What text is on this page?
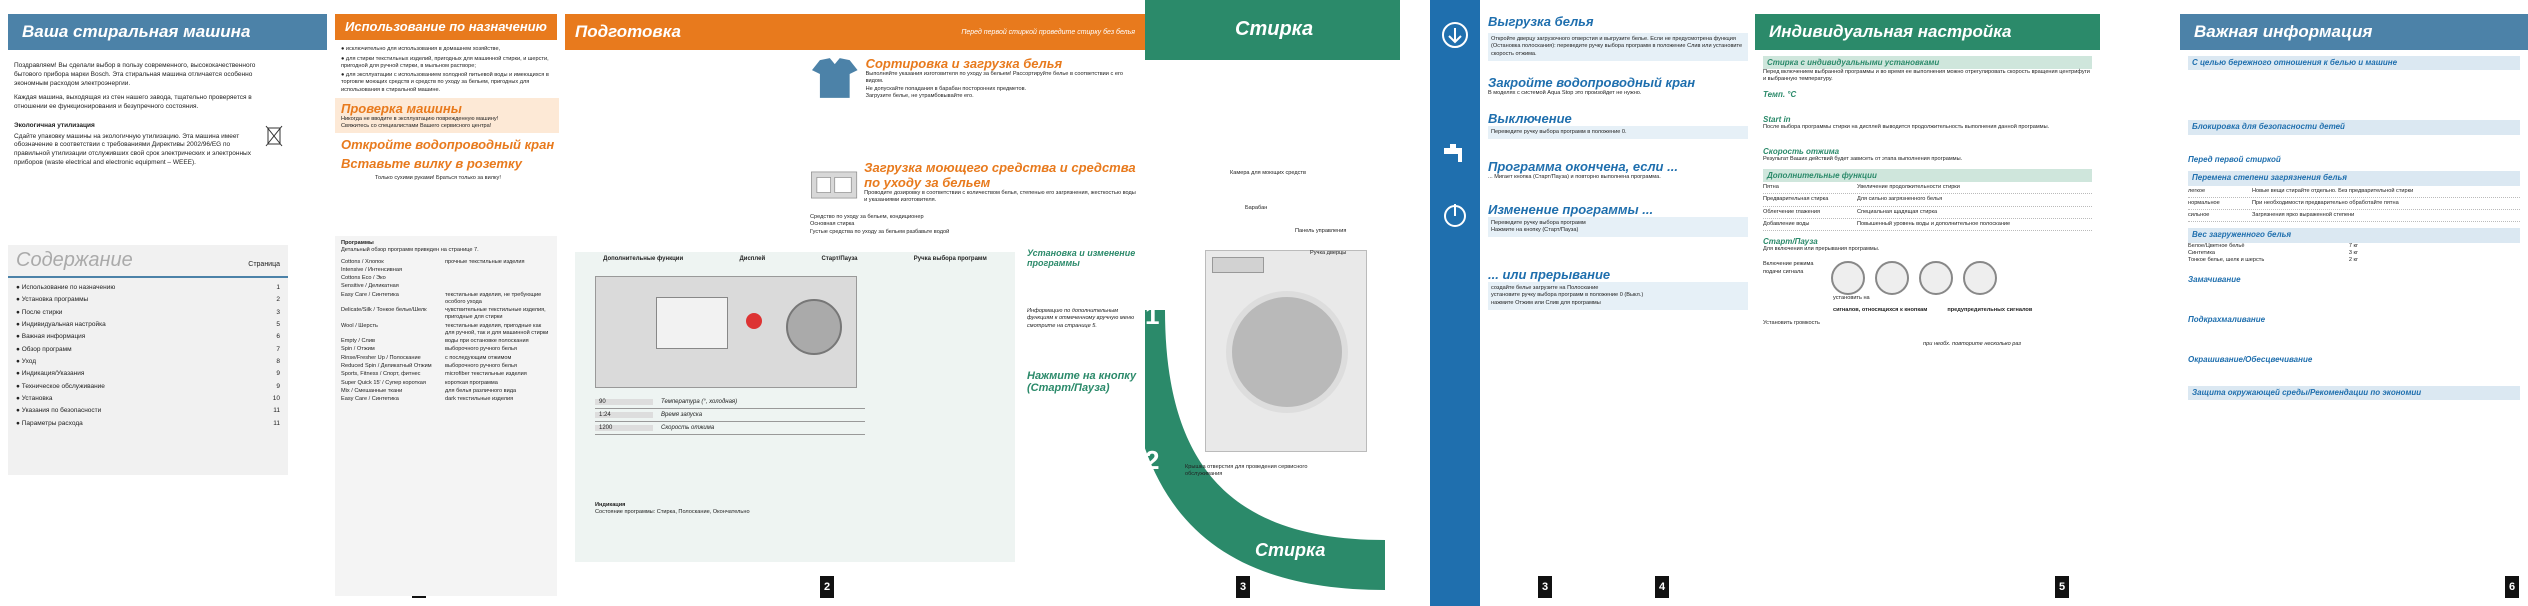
Ваша стиральная машина

Поздравляем! Вы сделали выбор в пользу современного, высококачественного бытового прибора марки Bosch. Эта стиральная машина отличается особенно экономным расходом электроэнергии.

Каждая машина, выходящая из стен нашего завода, тщательно проверяется в отношении ее функционирования и безупречного состояния.

Экологичная утилизация

Сдайте упаковку машины на экологичную утилизацию. Эта машина имеет обозначение в соответствии с требованиями Директивы 2002/96/EG по правильной утилизации отслуживших свой срок электрических и электронных приборов (waste electrical and electronic equipment – WEEE).

Содержание	Страница
● Использование по назначению	1
● Установка программы	2
● После стирки	3
● Индивидуальная настройка	5
● Важная информация	6
● Обзор программ	7
● Уход	8
● Индикация/Указания	9
● Техническое обслуживание	9
● Установка	10
● Указания по безопасности	11
● Параметры расхода	11
Использование по назначению
● исключительно для использования в домашнем хозяйстве,
● для стирки текстильных изделий, пригодных для машинной стирки, и шерсти, пригодной для ручной стирки, в мыльном растворе;
● для эксплуатации с использованием холодной питьевой воды и имеющихся в торговле моющих средств и средств по уходу за бельем, пригодных для использования в стиральной машине.
Проверка машины
Никогда не вводите в эксплуатацию поврежденную машину!
Свяжитесь со специалистами Вашего сервисного центра!
Откройте водопроводный кран
Вставьте вилку в розетку
Только сухими руками! Браться только за вилку!
Программы
Детальный обзор программ приведен на странице 7.
Cottons / Хлопок	прочные текстильные изделия
Intensive / Интенсивная
Cottons Eco / Эко
Sensitive / Деликатная
Easy Care / Синтетика	текстильные изделия, не требующие особого ухода
Delicate/Silk / Тонкое белье/Шелк	чувствительные текстильные изделия, пригодные для стирки
Wool / Шерсть	текстильные изделия, пригодные как для ручной, так и для машинной стирки
Empty / Слив	воды при остановке полоскания
Spin / Отжим	выборочного ручного белья
Rinse/Fresher Up / Полоскание	с последующим отжимом
Reduced Spin / Деликатный Отжим	выборочного ручного белья
Sports, Fitness / Спорт, фитнес	microfiber текстильные изделия
Super Quick 15' / Супер короткая	короткая программа
Mix / Смешанные ткани	для белья различного вида
Easy Care / Синтетика	dark текстильные изделия
2
Подготовка	Перед первой стиркой проведите стирку без белья
Сортировка и загрузка белья
Выполняйте указания изготовителя по уходу за бельем! Рассортируйте белье в соответствии с его видом.
Не допускайте попадания в барабан посторонних предметов.
Загрузите белье, не утрамбовывайте его.
Загрузка моющего средства и средства по уходу за бельем
Проводите дозировку в соответствии с количеством белья, степенью его загрязнения, жесткостью воды и указаниями изготовителя.
Средство по уходу за бельем, кондиционер
Основная стирка
Густые средства по уходу за бельем разбавьте водой
Дополнительные функции	Дисплей	Старт/Пауза	Ручка выбора программ
90	Температура (°, холодная)
1:24	Время запуска
1200	Скорость отжима
Индикация
Состояние программы: Стирка, Полоскание, Окончательно
Установка и изменение программы
Информацию по дополнительным функциям к отмеченному вручную меню смотрите на странице 5.
Нажмите на кнопку (Старт/Пауза)
3
Стирка
Стирка
1
2
3
Камера для моющих средств
Барабан
Панель управления
Ручка дверцы
Крышка отверстия для проведения сервисного обслуживания
3
Выгрузка белья
Откройте дверцу загрузочного отверстия и выгрузите белье. Если не предусмотрена функция (Остановка полоскания): переведите ручку выбора программ в положение Слив или установите скорость отжима.
Закройте водопроводный кран
В моделях с системой Aqua Stop это произойдет не нужно.
Выключение
Переведите ручку выбора программ в положение 0.
Программа окончена, если ...
... Мигает кнопка (Старт/Пауза) и повторно выполнена программа.
Изменение программы ...
Переведите ручку выбора программ
Нажмите на кнопку (Старт/Пауза)
... или прерывание
создайте белье загрузите на Полоскание
установите ручку выбора программ в положение 0 (Выкл.)
нажмите Отжим или Слив для программы
4
Индивидуальная настройка
Стирка с индивидуальными установками
Перед включением выбранной программы и во время ее выполнения можно отрегулировать скорость вращения центрифуги и выбранную температуру.
Темп. °C
Start in
После выбора программы стирки на дисплей выводится продолжительность выполнения данной программы.
Скорость отжима
Результат Ваших действий будет зависеть от этапа выполнения программы.
Дополнительные функции
Пятна	Увеличение продолжительности стирки
Предварительная стирка	Для сильно загрязненного белья
Облегчение глажения	Специальная щадящая стирка
Добавление воды	Повышенный уровень воды и дополнительное полоскание
Старт/Пауза
Для включения или прерывания программы.
Включение режима подачи сигнала
установить на
сигналов, относящихся к кнопкам	предупредительных сигналов
Установить громкость
при необх. повторите несколько раз
5
Важная информация
С целью бережного отношения к белью и машине
Блокировка для безопасности детей
Перед первой стиркой
Перемена степени загрязнения белья
легкое	Новые вещи стирайте отдельно. Без предварительной стирки
нормальное	При необходимости предварительно обработайте пятна
сильное	Загрязнения ярко выраженной степени
Вес загруженного белья
Белое/Цветное бельё	7 кг
Синтетика	3 кг
Тонкое белье, шелк и шерсть	2 кг
Замачивание
Подкрахмаливание
Окрашивание/Обесцвечивание
Защита окружающей среды/Рекомендации по экономии
6
